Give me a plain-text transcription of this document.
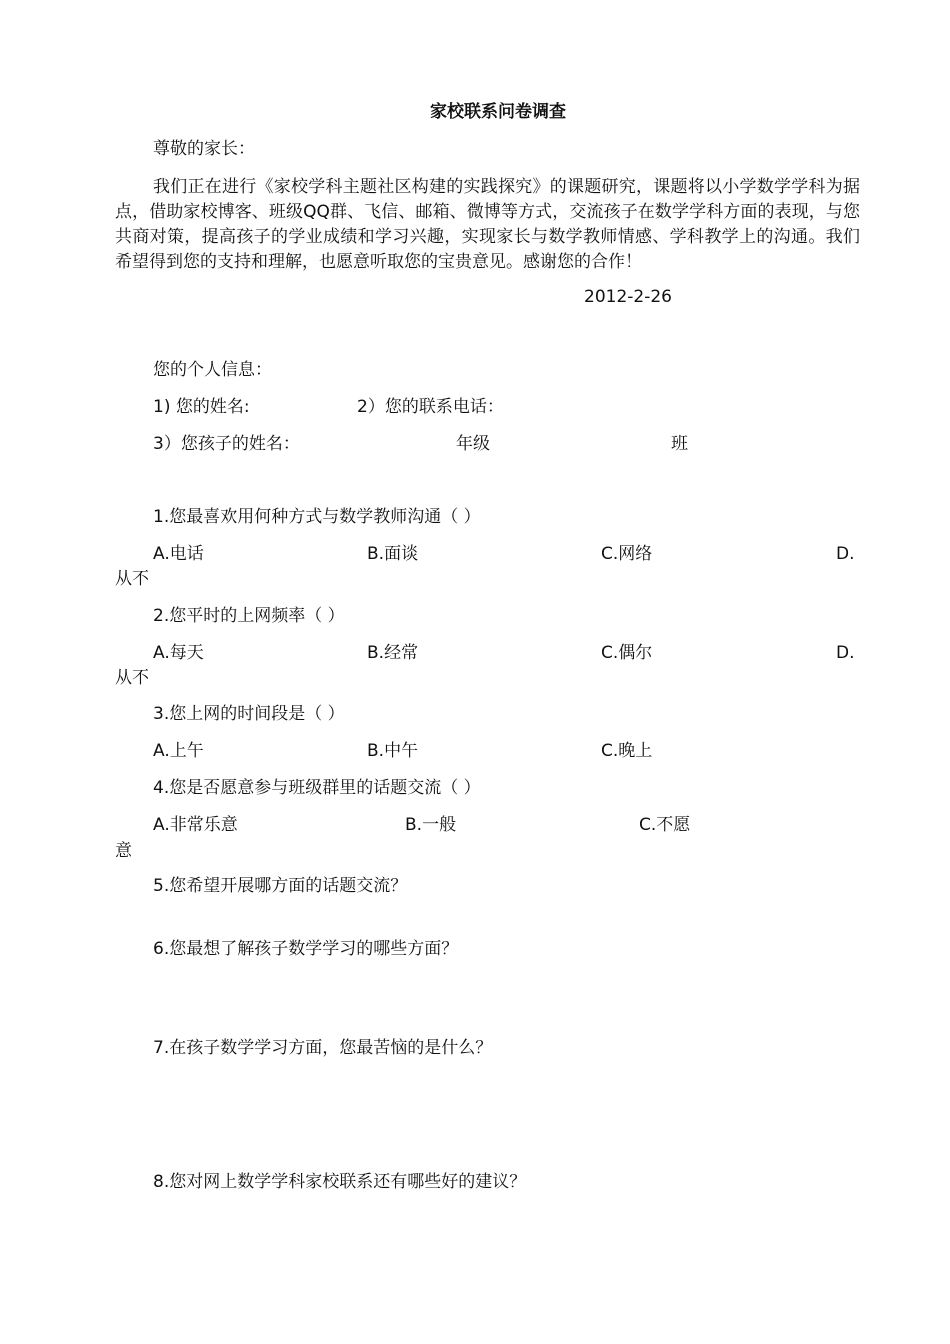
家校联系问卷调查
尊敬的家长：
我们正在进行《家校学科主题社区构建的实践探究》的课题研究，课题将以小学数学学科为据点，借助家校博客、班级QQ群、飞信、邮箱、微博等方式，交流孩子在数学学科方面的表现，与您共商对策，提高孩子的学业成绩和学习兴趣，实现家长与数学教师情感、学科教学上的沟通。我们希望得到您的支持和理解，也愿意听取您的宝贵意见。感谢您的合作！
2012-2-26
您的个人信息：
1) 您的姓名:	2）您的联系电话：
3）您孩子的姓名：	年级	班
1.您最喜欢用何种方式与数学教师沟通（ ）
A.电话	B.面谈	C.网络	D.
从不
2.您平时的上网频率（ ）
A.每天	B.经常	C.偶尔	D.
从不
3.您上网的时间段是（ ）
A.上午	B.中午	C.晚上
4.您是否愿意参与班级群里的话题交流（ ）
A.非常乐意	B.一般	C.不愿
意
5.您希望开展哪方面的话题交流？
6.您最想了解孩子数学学习的哪些方面？
7.在孩子数学学习方面，您最苦恼的是什么？
8.您对网上数学学科家校联系还有哪些好的建议？
